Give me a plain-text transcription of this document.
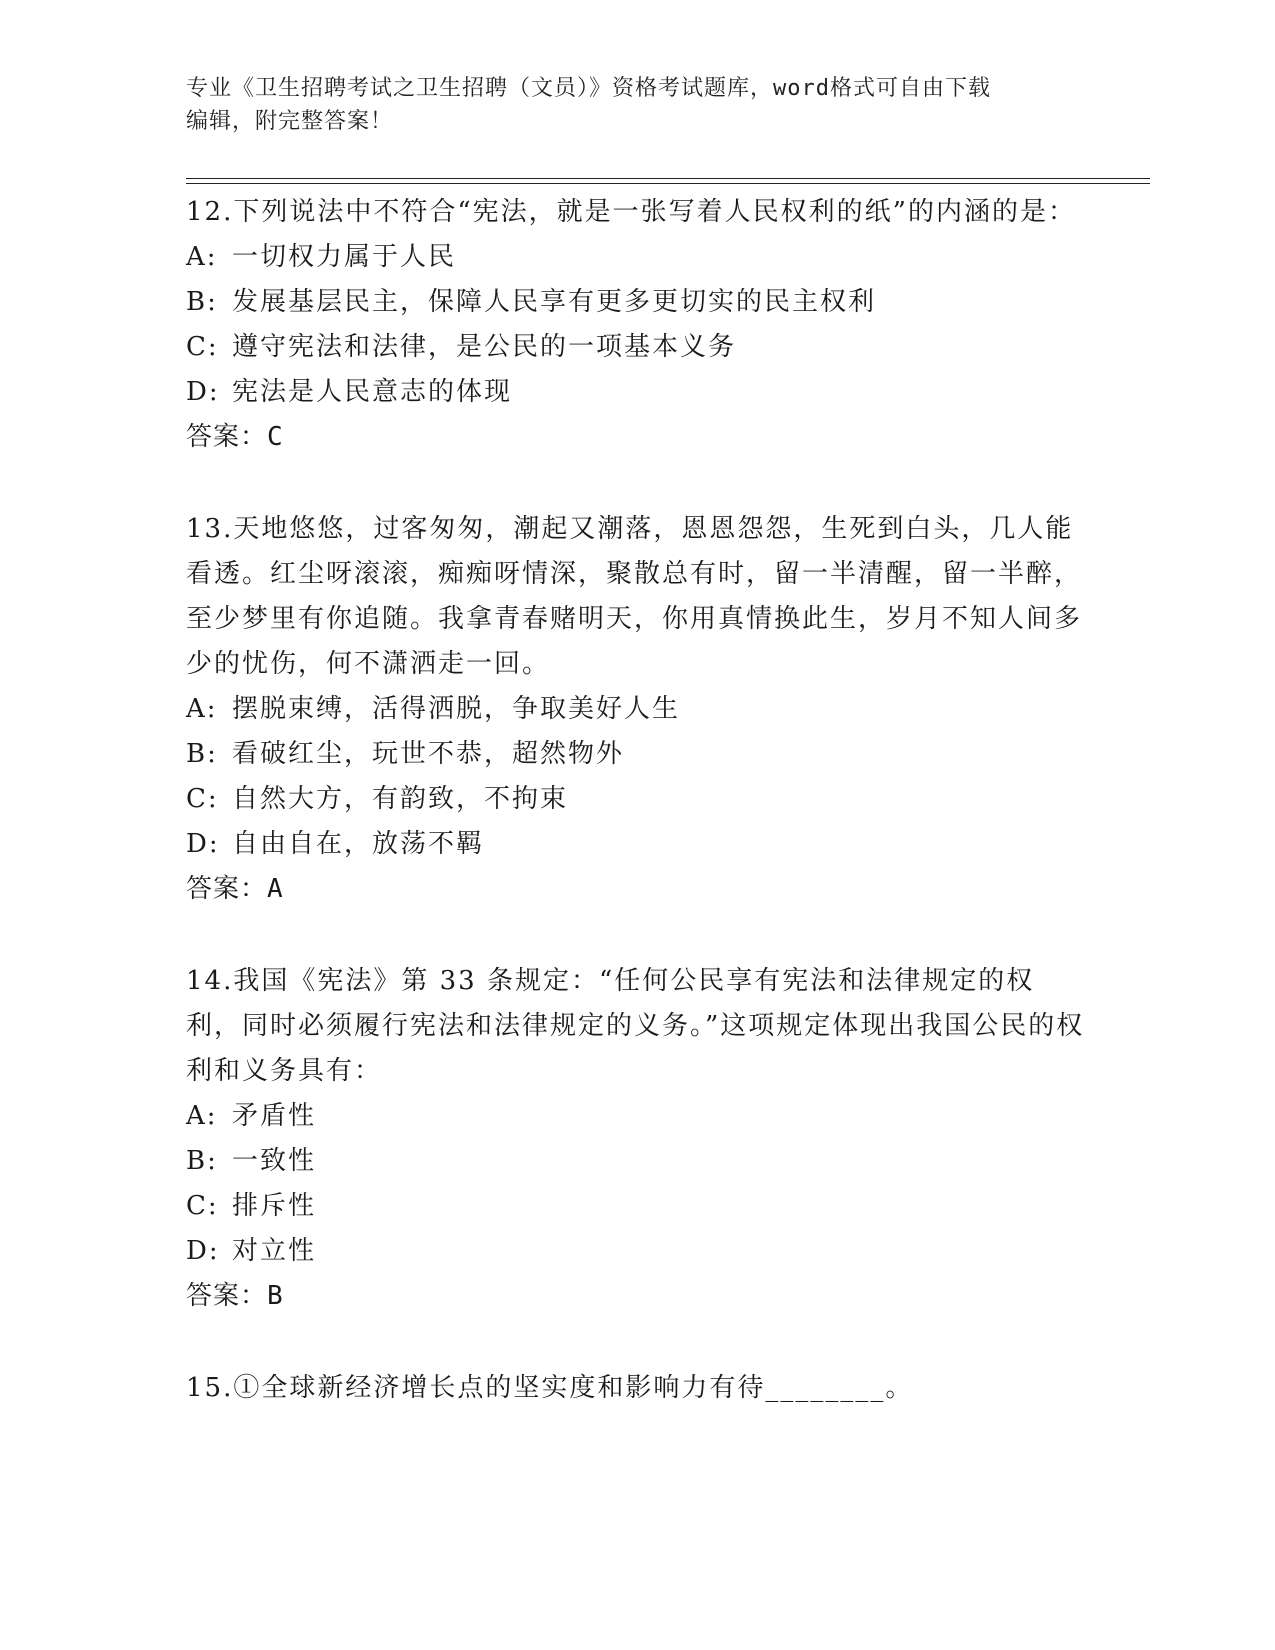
专业《卫生招聘考试之卫生招聘（文员）》资格考试题库，word格式可自由下载
编辑，附完整答案！

12.下列说法中不符合“宪法，就是一张写着人民权利的纸”的内涵的是：

A: 一切权力属于人民

B: 发展基层民主，保障人民享有更多更切实的民主权利

C: 遵守宪法和法律，是公民的一项基本义务

D: 宪法是人民意志的体现

答案：C

13.天地悠悠，过客匆匆，潮起又潮落，恩恩怨怨，生死到白头，几人能看透。红尘呀滚滚，痴痴呀情深，聚散总有时，留一半清醒，留一半醉，至少梦里有你追随。我拿青春赌明天，你用真情换此生，岁月不知人间多少的忧伤，何不潇洒走一回。

A: 摆脱束缚，活得洒脱，争取美好人生

B: 看破红尘，玩世不恭，超然物外

C: 自然大方，有韵致，不拘束

D: 自由自在，放荡不羁

答案：A

14.我国《宪法》第 33 条规定：“任何公民享有宪法和法律规定的权利，同时必须履行宪法和法律规定的义务。”这项规定体现出我国公民的权利和义务具有：

A: 矛盾性

B: 一致性

C: 排斥性

D: 对立性

答案：B

15.①全球新经济增长点的坚实度和影响力有待________。
